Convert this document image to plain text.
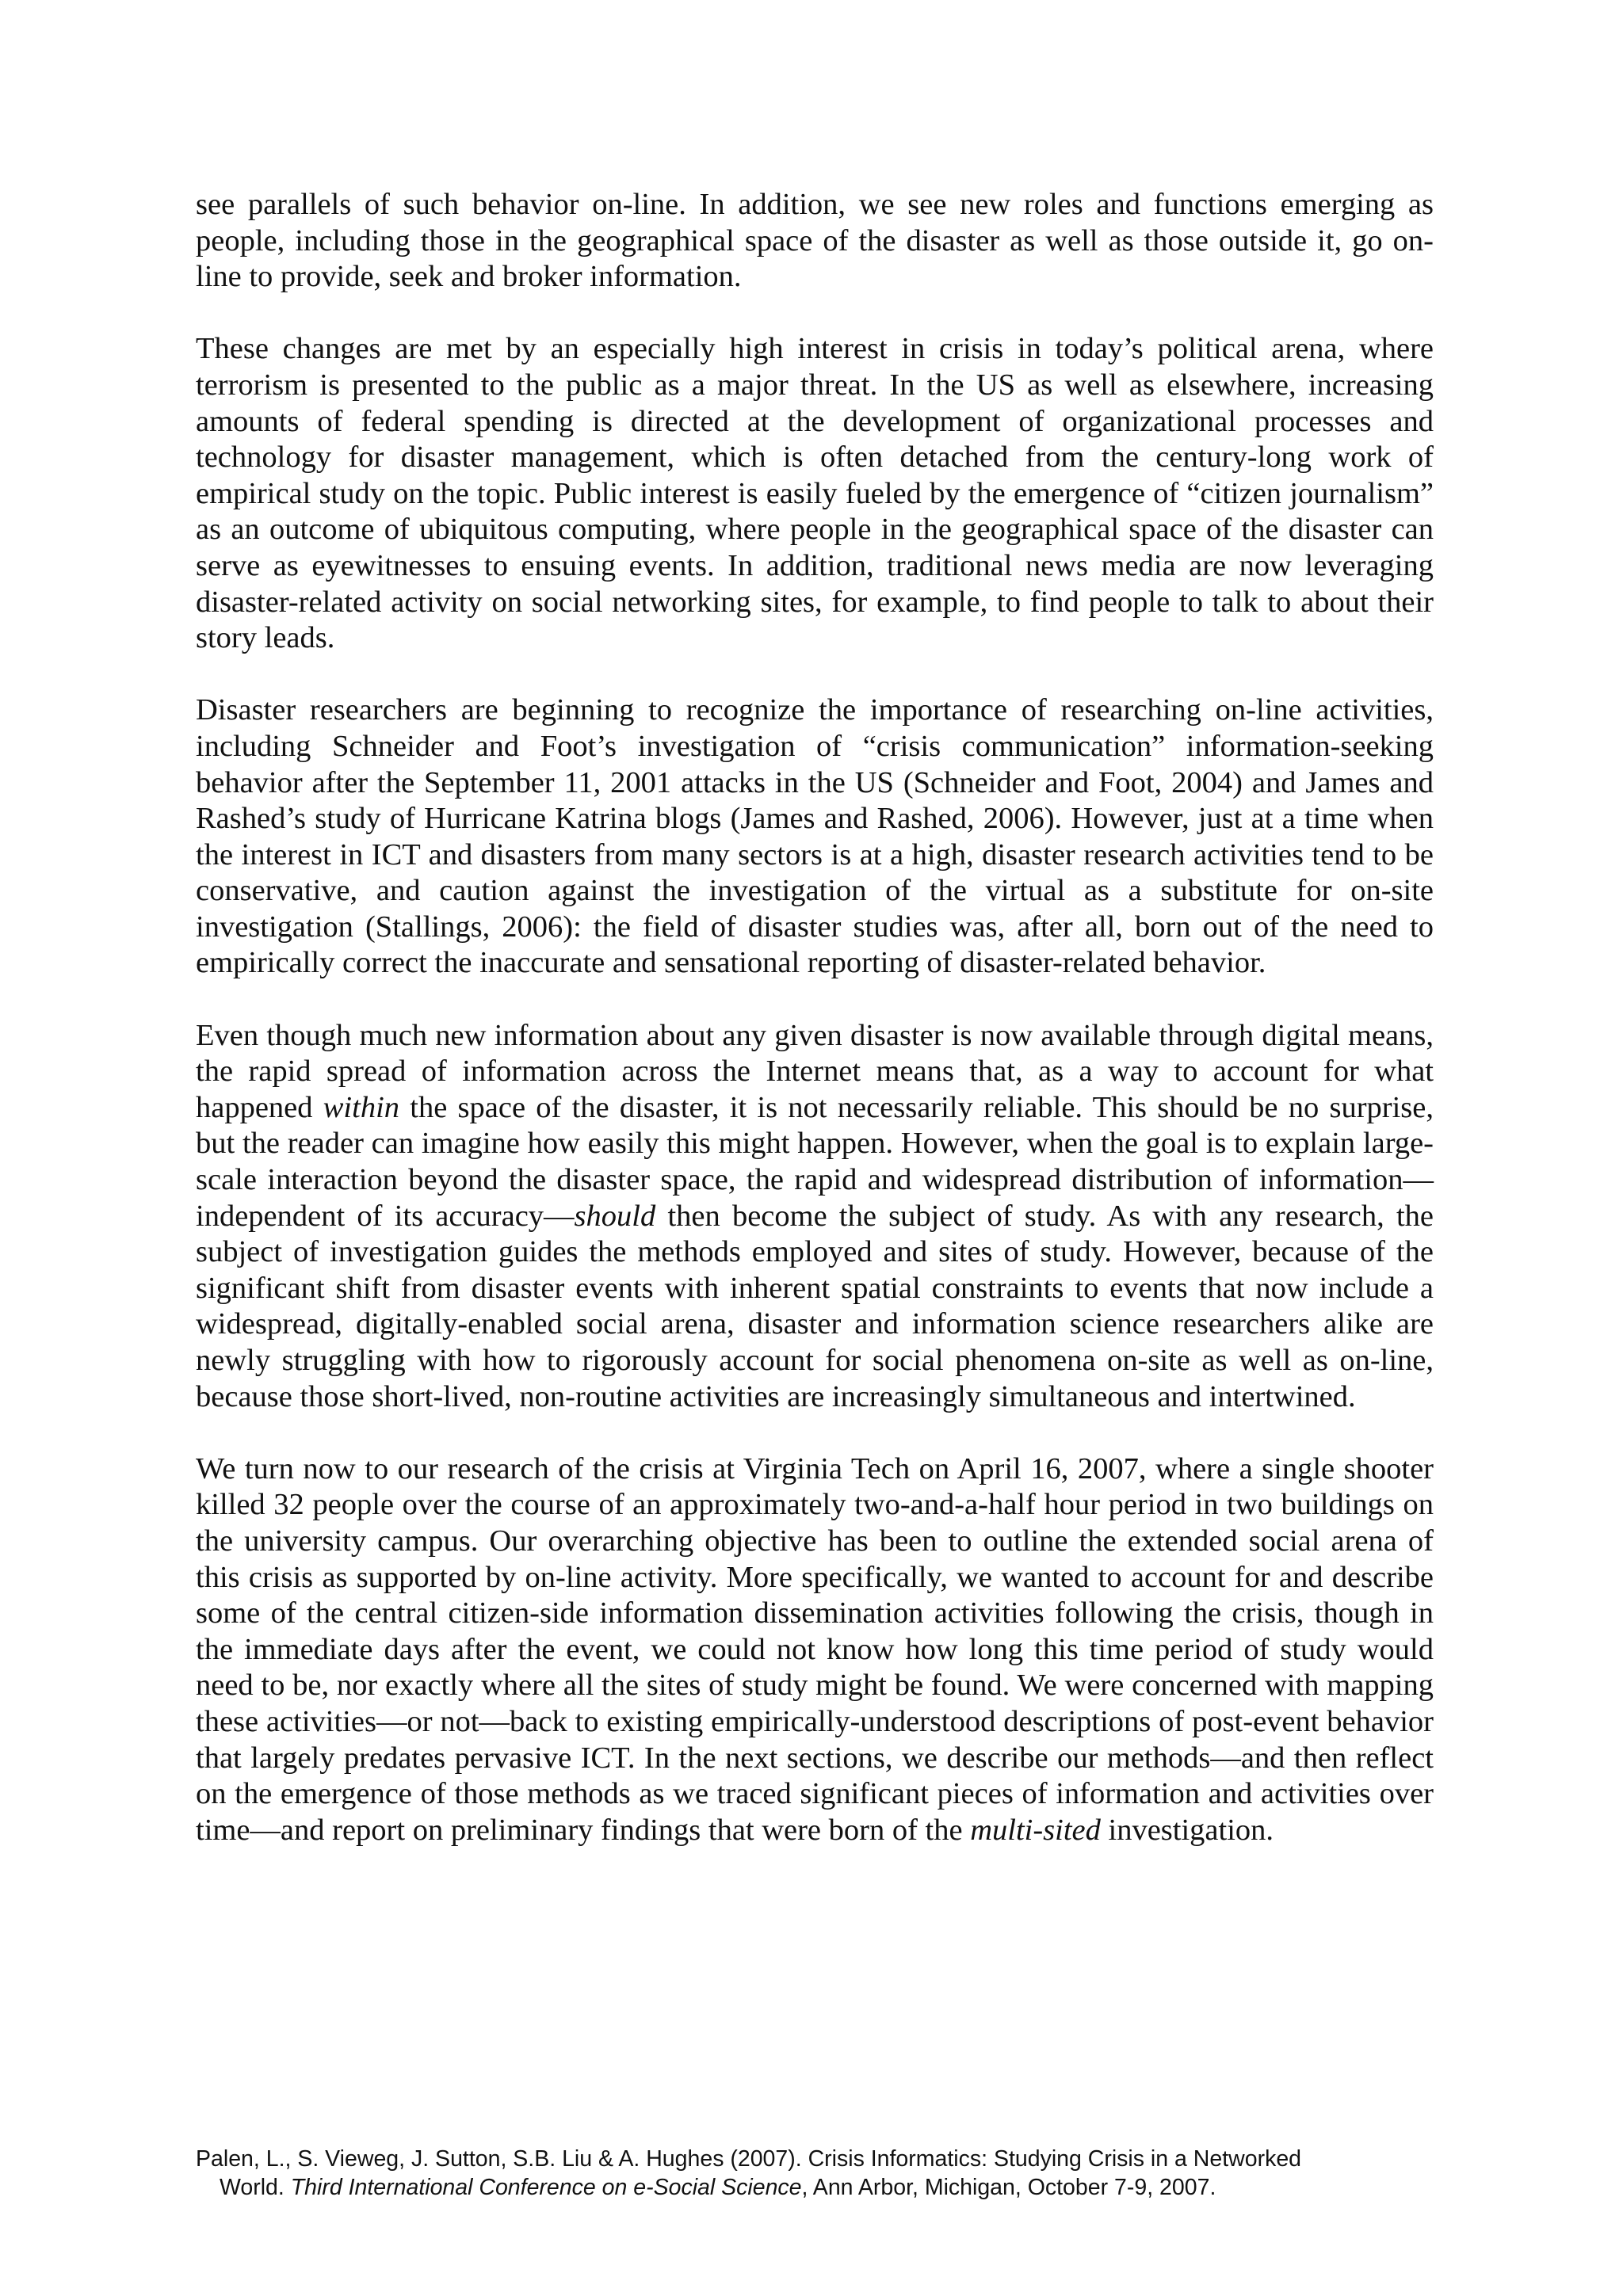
see parallels of such behavior on-line. In addition, we see new roles and functions emerging as people, including those in the geographical space of the disaster as well as those outside it, go on-line to provide, seek and broker information.

These changes are met by an especially high interest in crisis in today’s political arena, where terrorism is presented to the public as a major threat. In the US as well as elsewhere, increasing amounts of federal spending is directed at the development of organizational processes and technology for disaster management, which is often detached from the century-long work of empirical study on the topic. Public interest is easily fueled by the emergence of “citizen journalism” as an outcome of ubiquitous computing, where people in the geographical space of the disaster can serve as eyewitnesses to ensuing events. In addition, traditional news media are now leveraging disaster-related activity on social networking sites, for example, to find people to talk to about their story leads.

Disaster researchers are beginning to recognize the importance of researching on-line activities, including Schneider and Foot’s investigation of “crisis communication” information-seeking behavior after the September 11, 2001 attacks in the US (Schneider and Foot, 2004) and James and Rashed’s study of Hurricane Katrina blogs (James and Rashed, 2006). However, just at a time when the interest in ICT and disasters from many sectors is at a high, disaster research activities tend to be conservative, and caution against the investigation of the virtual as a substitute for on-site investigation (Stallings, 2006): the field of disaster studies was, after all, born out of the need to empirically correct the inaccurate and sensational reporting of disaster-related behavior.

Even though much new information about any given disaster is now available through digital means, the rapid spread of information across the Internet means that, as a way to account for what happened within the space of the disaster, it is not necessarily reliable. This should be no surprise, but the reader can imagine how easily this might happen. However, when the goal is to explain large-scale interaction beyond the disaster space, the rapid and widespread distribution of information—independent of its accuracy—should then become the subject of study. As with any research, the subject of investigation guides the methods employed and sites of study. However, because of the significant shift from disaster events with inherent spatial constraints to events that now include a widespread, digitally-enabled social arena, disaster and information science researchers alike are newly struggling with how to rigorously account for social phenomena on-site as well as on-line, because those short-lived, non-routine activities are increasingly simultaneous and intertwined.

We turn now to our research of the crisis at Virginia Tech on April 16, 2007, where a single shooter killed 32 people over the course of an approximately two-and-a-half hour period in two buildings on the university campus. Our overarching objective has been to outline the extended social arena of this crisis as supported by on-line activity. More specifically, we wanted to account for and describe some of the central citizen-side information dissemination activities following the crisis, though in the immediate days after the event, we could not know how long this time period of study would need to be, nor exactly where all the sites of study might be found. We were concerned with mapping these activities—or not—back to existing empirically-understood descriptions of post-event behavior that largely predates pervasive ICT. In the next sections, we describe our methods—and then reflect on the emergence of those methods as we traced significant pieces of information and activities over time—and report on preliminary findings that were born of the multi-sited investigation.

Palen, L., S. Vieweg, J. Sutton, S.B. Liu & A. Hughes (2007). Crisis Informatics: Studying Crisis in a Networked
World. Third International Conference on e-Social Science, Ann Arbor, Michigan, October 7-9, 2007.
